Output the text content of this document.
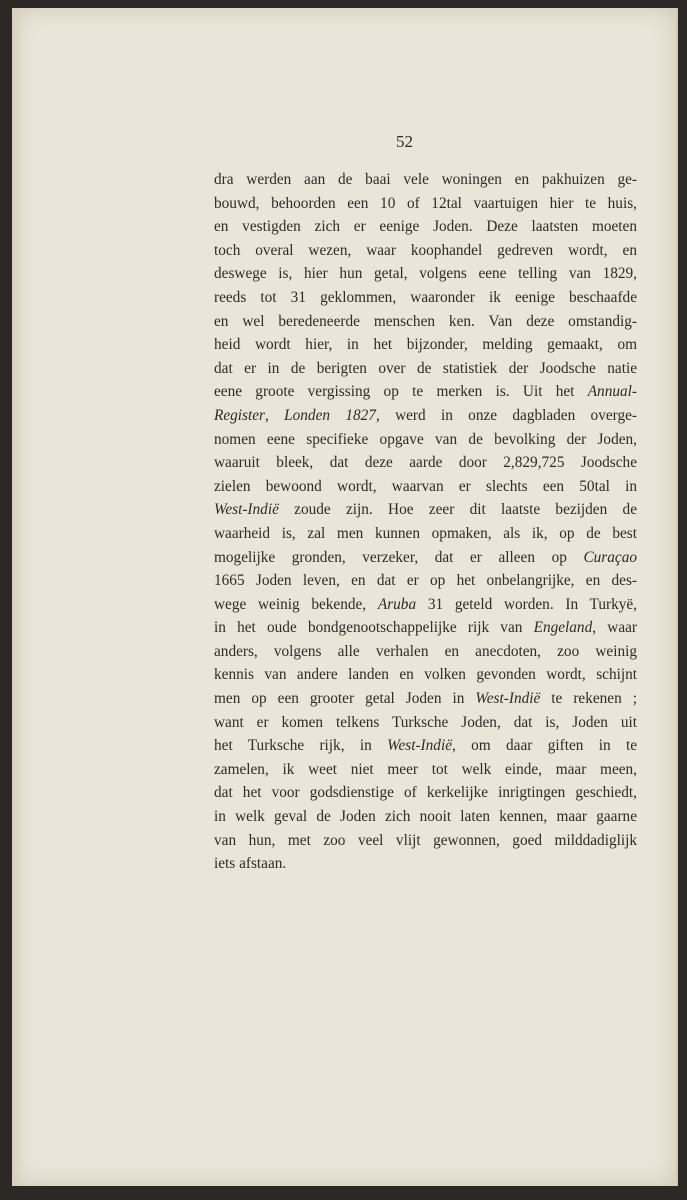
52
dra werden aan de baai vele woningen en pakhuizen ge-
bouwd, behoorden een 10 of 12tal vaartuigen hier te huis,
en vestigden zich er eenige Joden. Deze laatsten moeten
toch overal wezen, waar koophandel gedreven wordt, en
deswege is, hier hun getal, volgens eene telling van 1829,
reeds tot 31 geklommen, waaronder ik eenige beschaafde
en wel beredeneerde menschen ken. Van deze omstandig-
heid wordt hier, in het bijzonder, melding gemaakt, om
dat er in de berigten over de statistiek der Joodsche natie
eene groote vergissing op te merken is. Uit het Annual-
Register, Londen 1827, werd in onze dagbladen overge-
nomen eene specifieke opgave van de bevolking der Joden,
waaruit bleek, dat deze aarde door 2,829,725 Joodsche
zielen bewoond wordt, waarvan er slechts een 50tal in
West-Indië zoude zijn. Hoe zeer dit laatste bezijden de
waarheid is, zal men kunnen opmaken, als ik, op de best
mogelijke gronden, verzeker, dat er alleen op Curaçao
1665 Joden leven, en dat er op het onbelangrijke, en des-
wege weinig bekende, Aruba 31 geteld worden. In Turkyë,
in het oude bondgenootschappelijke rijk van Engeland, waar
anders, volgens alle verhalen en anecdoten, zoo weinig
kennis van andere landen en volken gevonden wordt, schijnt
men op een grooter getal Joden in West-Indië te rekenen ;
want er komen telkens Turksche Joden, dat is, Joden uit
het Turksche rijk, in West-Indië, om daar giften in te
zamelen, ik weet niet meer tot welk einde, maar meen,
dat het voor godsdienstige of kerkelijke inrigtingen geschiedt,
in welk geval de Joden zich nooit laten kennen, maar gaarne
van hun, met zoo veel vlijt gewonnen, goed milddadiglijk
iets afstaan.
